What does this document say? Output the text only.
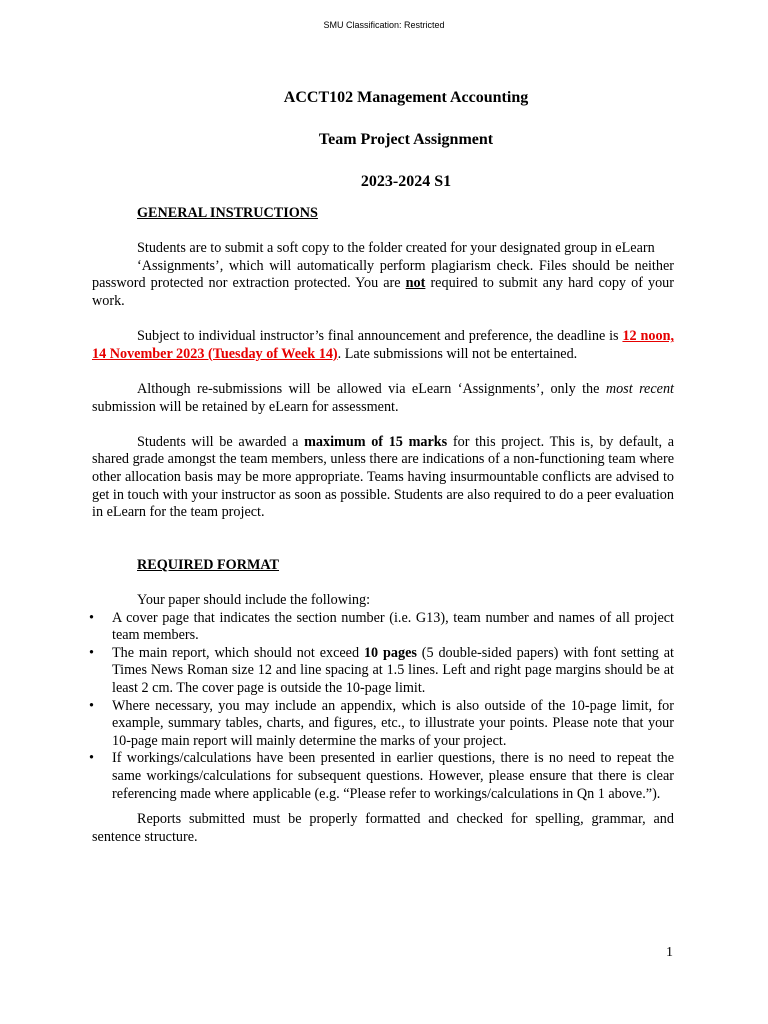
SMU Classification: Restricted
ACCT102 Management Accounting
Team Project Assignment
2023-2024 S1

GENERAL INSTRUCTIONS

Students are to submit a soft copy to the folder created for your designated group in eLearn

‘Assignments’, which will automatically perform plagiarism check. Files should be neither password protected nor extraction protected. You are not required to submit any hard copy of your work.

Subject to individual instructor’s final announcement and preference, the deadline is 12 noon, 14 November 2023 (Tuesday of Week 14). Late submissions will not be entertained.

Although re-submissions will be allowed via eLearn ‘Assignments’, only the most recent submission will be retained by eLearn for assessment.

Students will be awarded a maximum of 15 marks for this project. This is, by default, a shared grade amongst the team members, unless there are indications of a non-functioning team where other allocation basis may be more appropriate. Teams having insurmountable conflicts are advised to get in touch with your instructor as soon as possible. Students are also required to do a peer evaluation in eLearn for the team project.

REQUIRED FORMAT

Your paper should include the following:

• A cover page that indicates the section number (i.e. G13), team number and names of all project team members.
• The main report, which should not exceed 10 pages (5 double-sided papers) with font setting at Times News Roman size 12 and line spacing at 1.5 lines. Left and right page margins should be at least 2 cm. The cover page is outside the 10-page limit.
• Where necessary, you may include an appendix, which is also outside of the 10-page limit, for example, summary tables, charts, and figures, etc., to illustrate your points. Please note that your 10-page main report will mainly determine the marks of your project.
• If workings/calculations have been presented in earlier questions, there is no need to repeat the same workings/calculations for subsequent questions. However, please ensure that there is clear referencing made where applicable (e.g. “Please refer to workings/calculations in Qn 1 above.”).

Reports submitted must be properly formatted and checked for spelling, grammar, and sentence structure.

1
